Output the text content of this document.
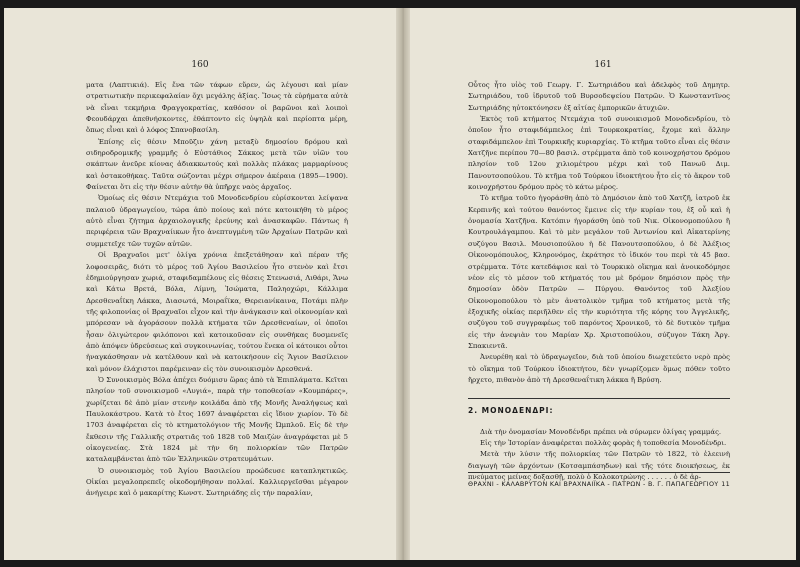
160

ματα (Λαπτικιά). Εἰς ἕνα τῶν τάφων εὕρεν, ὡς λέγουσι καὶ μίαν στρατιωτικὴν περικεφαλαίαν ὄχι μεγάλης ἀξίας. Ἴσως τὰ εὑρήματα αὐτὰ νὰ εἶναι τεκμήρια Φραγγοκρατίας, καθόσον οἱ βαρῶνοι καὶ λοιποὶ Φεουδάρχαι ἀπεθνήσκοντες, ἐθάπτοντο εἰς ὑψηλὰ καὶ περίοπτα μέρη, ὅπως εἶναι καὶ ὁ λόφος Σπανοβασίλη.

Ἐπίσης εἰς θέσιν Μποῦζιν χάνη μεταξὺ δημοσίου δρόμου καὶ σιδηροδρομικῆς γραμμῆς ὁ Εὐστάθιος Σάκκος μετὰ τῶν υἱῶν του σκάπτων ἀνεῦρε κίονας ἀδιακκωτούς καὶ πολλὰς πλάκας μαρμαρίνους καὶ ὀστακοθήκας. Ταῦτα σώζονται μέχρι σήμερον ἀκέραια (1895—1900). Φαίνεται ὅτι εἰς τὴν θέσιν αὐτὴν θὰ ὑπῆρχε ναὸς ἀρχαῖος.

Ὁμοίως εἰς θέσιν Ντεμάχια τοῦ Μονοδενδρίου εὑρίσκονται λείψανα παλαιοῦ ὑδραγωγείου, τώρα ἀπὸ ποίους καὶ πότε κατοικήθη τὸ μέρος αὐτὸ εἶναι ζήτημα ἀρχαιολογικῆς ἐρεύνης καὶ ἀνασκαφῶν. Πάντως ἡ περιφέρεια τῶν Βραχναίικων ἦτο ἀνεπτυγμένη τῶν Ἀρχαίων Πατρῶν καὶ συμμετεῖχε τῶν τυχῶν αὐτῶν.

Οἱ Βραχναῖοι μετ' ὀλίγα χρόνια ἐπεξετάθησαν καὶ πέραν τῆς λοφοσειρᾶς, διότι τὸ μέρος τοῦ Ἁγίου Βασιλείου ἦτο στενὸν καὶ ἔτσι ἐδημιούργησαν χωριά, σταφιδαμπέλους εἰς θέσεις Στενωσιά, Λιθάρι, Ἄνω καὶ Κάτω Βρετά, Βόλα, Λίμνη, Ἰσώματα, Παληοχώρι, Κάλλιμα Δρεσθεναΐϊκη Λάκκα, Διασωτά, Μοιραΐϊκα, Θερειανίκαινα, Ποτάμι πλὴν τῆς φιλοπονίας οἱ Βραχναῖοι εἶχον καὶ τὴν ἀνάγκασιν καὶ οἰκονομίαν καὶ μπόρεσαν νὰ ἀγοράσουν πολλὰ κτήματα τῶν Δρεσθεναίων, οἱ ὁποῖοι ἦσαν ὀλιγώτερον φιλόπονοι καὶ κατοικοῦσαν εἰς συνθήκας δυσμενεῖς ἀπὸ ἀπόψεν ὑδρεύσεως καὶ συγκοινωνίας, τούτου ἕνεκα οἱ κάτοικοι οὗτοι ἠναγκάσθησαν νὰ κατέλθουν καὶ νὰ κατοικήσουν εἰς Ἅγιον Βασίλειον καὶ μόνον ἐλάχιστοι παρέμειναν εἰς τὸν συνοικισμὸν Δρεσθενά.

Ὁ Συνοικισμὸς Βόλα ἀπέχει δυόμισυ ὥρας ἀπὸ τὰ Ἐπιπλάματα. Κεῖται πλησίον τοῦ συνοικισμοῦ «Λυγιά», παρὰ τὴν τοποθεσίαν «Κουμπάρες», χωρίζεται δὲ ἀπὸ μίαν στενὴν κοιλάδα ἀπὸ τῆς Μονῆς Ἀναλήψεως καὶ Παυλοκάστρου. Κατὰ τὸ ἔτος 1697 ἀναφέρεται εἰς ἴδιον χωρίον. Τὸ δὲ 1703 ἀναφέρεται εἰς τὸ κτηματολόγιον τῆς Μονῆς Ὠμπλοῦ. Εἰς δὲ τὴν ἔκθεσιν τῆς Γαλλικῆς στρατιᾶς τοῦ 1828 τοῦ Μαιζὼν ἀναγράφεται μὲ 5 οἰκογενείας. Στὰ 1824 μὲ τὴν 6η πολιορκίαν τῶν Πατρῶν καταλαμβάνεται ἀπὸ τῶν Ἑλληνικῶν στρατευμάτων.

Ὁ συνοικισμὸς τοῦ Ἁγίου Βασιλείου προώδευσε καταπληκτικῶς. Οἰκίαι μεγαλοπρεπεῖς οἰκοδομήθησαν πολλαί. Καλλιεργεῖσθαι μέγαρον ἀνήγειρε καὶ ὁ μακαρίτης Κωνστ. Σωτηριάδης εἰς τὴν παραλίαν,

161

Οὗτος ἦτο υἱὸς τοῦ Γεωργ. Γ. Σωτηριάδου καὶ ἀδελφὸς τοῦ Δημητρ. Σωτηριάδου, τοῦ ἱδρυτοῦ τοῦ Βυρσοδεψείου Πατρῶν. Ὁ Κωνσταντῖνος Σωτηριάδης ηὐτοκτόνησεν ἐξ αἰτίας ἐμπορικῶν ἀτυχιῶν.

Ἐκτὸς τοῦ κτήματος Ντεμάχια τοῦ συνοικισμοῦ Μονοδενδρίου, τὸ ὁποῖον ἦτο σταφιδάμπελος ἐπὶ Τουρκοκρατίας, ἔχομε καὶ ἄλλην σταφιδάμπελον ἐπὶ Τουρκικῆς κυριαρχίας. Τὸ κτῆμα τοῦτο εἶναι εἰς θέσιν Χατζῆνε περίπου 70—80 βασιλ. στρέμματα ἀπὸ τοῦ κοινοχρήστου δρόμου πλησίον τοῦ 12ου χιλιομέτρου μέχρι καὶ τοῦ Πανωῦ Διμ. Πανουτσοπούλου. Τὸ κτῆμα τοῦ Τούρκου ἰδιοκτήτου ἦτο εἰς τὸ ἄκρον τοῦ κοινοχρήστου δρόμου πρὸς τὸ κάτω μέρος.

Τὸ κτῆμα τοῦτο ἠγοράσθη ἀπὸ τὸ Δημόσιον ἀπὸ τοῦ Χατζῆ, ἰατροῦ ἐκ Κερπινῆς καὶ τούτου θανόντος ἔμεινε εἰς τὴν κυρίαν του, ἐξ οὗ καὶ ἡ ὀνομασία Χατζῆνα. Κατόπιν ἠγοράσθη ὑπὸ τοῦ Νικ. Οἰκονομοπούλου ἢ Κουτρουλάγαμπου. Καὶ τὸ μὲν μεγάλον τοῦ Ἀντωνίου καὶ Αἰκατερίνης συζύγου Βασιλ. Μουσιοπούλου ἡ δὲ Πανουτσοπούλου, ὁ δὲ Ἀλέξιος Οἰκονομόπουλος, Κληρονόμος, ἐκράτησε τὸ ἰδικόν του περὶ τὰ 45 βασ. στρέμματα. Τότε κατεδάφισε καὶ τὸ Τουρκικὸ οἴκημα καὶ ἀνοικοδόμησε νέον εἰς τὸ μέσον τοῦ κτήματός του μὲ δρόμον δημόσιον πρὸς τὴν δημοσίαν ὁδὸν Πατρῶν — Πύργου. Θανόντος τοῦ Ἀλεξίου Οἰκονομοπούλου τὸ μὲν ἀνατολικὸν τμῆμα τοῦ κτήματος μετὰ τῆς ἐξοχικῆς οἰκίας περιῆλθεν εἰς τὴν κυριότητα τῆς κόρης του Ἀγγελικῆς, συζύγου τοῦ συγγραφέως τοῦ παρόντος Χρονικοῦ, τὸ δὲ δυτικὸν τμῆμα εἰς τὴν ἀνεψιὰν του Μαρίαν Χρ. Χριστοπούλου, σύζυγον Τάκη Ἀργ. Σπακιεντᾶ.

Ἀνευρέθη καὶ τὸ ὑδραγωγεῖον, διὰ τοῦ ὁποίου διωχετεύετο νερὸ πρὸς τὸ οἴκημα τοῦ Τούρκου ἰδιοκτήτου, δὲν γνωρίζομεν ὅμως πόθεν τοῦτο ἤρχετο, πιθανὸν ἀπὸ τὴ Δρεσθεναΐτικη λάκκα ἢ Βρύση.

2. ΜΟΝΟΔΕΝΔΡΙ:

Διὰ τὴν ὀνομασίαν Μονοδένδρι πρέπει νὰ σύρωμεν ὀλίγας γραμμάς.

Εἰς τὴν Ἱστορίαν ἀναφέρεται πολλὰς φορὰς ἡ τοποθεσία Μονοδένδρι.

Μετὰ τὴν λύσιν τῆς πολιορκίας τῶν Πατρῶν τὸ 1822, τὸ ἑλεεινὴ διαγωγὴ τῶν ἀρχόντων (Κοτσαμπάσηδων) καὶ τῆς τότε διοικήσεως, ἐκ πνεύματος μείνας δοξασθῇ, πολὺ ὁ Κολοκοτρώνης . . . . . . ὁ δὲ ἀρ-

ΘΡΑΧΝΙ - ΚΑΛΑΒΡΥΤΟΝ ΚΑΙ ΒΡΑΧΝΑΙΪΚΑ - ΠΑΤΡΩΝ - Β. Γ. ΠΑΠΑΓΕΩΡΓΙΟΥ 11
